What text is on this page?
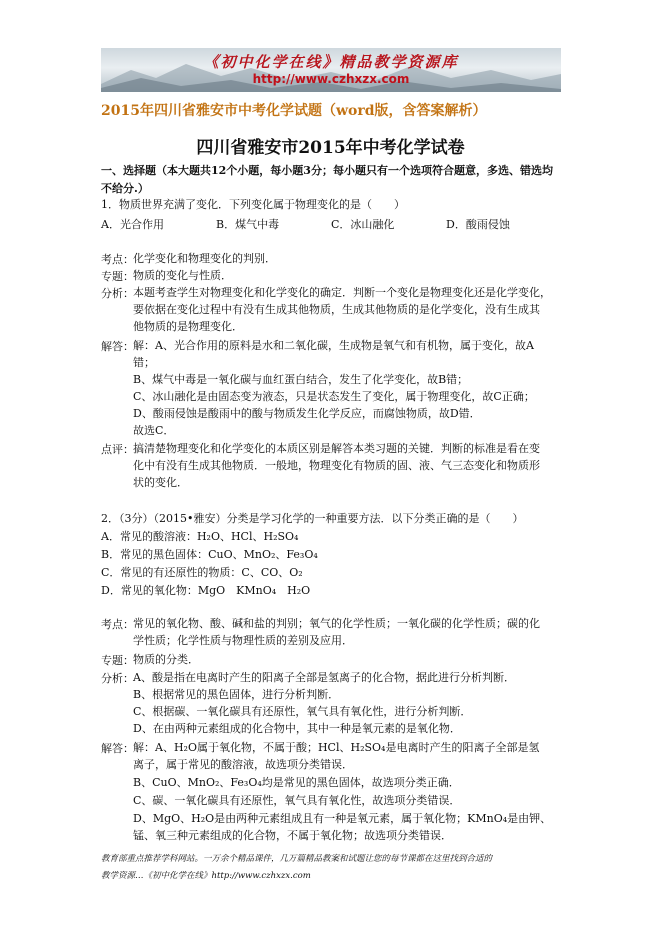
《初中化学在线》精品教学资源库
http://www.czhxzx.com
2015年四川省雅安市中考化学试题（word版，含答案解析）
四川省雅安市2015年中考化学试卷
一、选择题（本大题共12个小题，每小题3分；每小题只有一个选项符合题意，多选、错选均不给分.）
1．物质世界充满了变化．下列变化属于物理变化的是（　　）
A．光合作用	B．煤气中毒	C．冰山融化	D．酸雨侵蚀
考点： 化学变化和物理变化的判别．
专题： 物质的变化与性质．
分析： 本题考查学生对物理变化和化学变化的确定．判断一个变化是物理变化还是化学变化，
要依据在变化过程中有没有生成其他物质，生成其他物质的是化学变化，没有生成其
他物质的是物理变化．
解答： 解：A、光合作用的原料是水和二氧化碳，生成物是氧气和有机物，属于变化，故A
错；
B、煤气中毒是一氧化碳与血红蛋白结合，发生了化学变化，故B错；
C、冰山融化是由固态变为液态，只是状态发生了变化，属于物理变化，故C正确；
D、酸雨侵蚀是酸雨中的酸与物质发生化学反应，而腐蚀物质，故D错．
故选C．
点评： 搞清楚物理变化和化学变化的本质区别是解答本类习题的关键．判断的标准是看在变
化中有没有生成其他物质．一般地，物理变化有物质的固、液、气三态变化和物质形
状的变化．
2．（3分）（2015•雅安）分类是学习化学的一种重要方法．以下分类正确的是（　　）
A．常见的酸溶液：H₂O、HCl、H₂SO₄
B．常见的黑色固体：CuO、MnO₂、Fe₃O₄
C．常见的有还原性的物质：C、CO、O₂
D．常见的氧化物：MgO　KMnO₄　H₂O
考点： 常见的氧化物、酸、碱和盐的判别；氧气的化学性质；一氧化碳的化学性质；碳的化
学性质；化学性质与物理性质的差别及应用．
专题： 物质的分类．
分析： A、酸是指在电离时产生的阳离子全部是氢离子的化合物，据此进行分析判断．
B、根据常见的黑色固体，进行分析判断．
C、根据碳、一氧化碳具有还原性，氧气具有氧化性，进行分析判断．
D、在由两种元素组成的化合物中，其中一种是氧元素的是氧化物．
解答： 解：A、H₂O属于氧化物，不属于酸；HCl、H₂SO₄是电离时产生的阳离子全部是氢
离子，属于常见的酸溶液，故选项分类错误．
B、CuO、MnO₂、Fe₃O₄均是常见的黑色固体，故选项分类正确．
C、碳、一氧化碳具有还原性，氧气具有氧化性，故选项分类错误．
D、MgO、H₂O是由两种元素组成且有一种是氧元素，属于氧化物；KMnO₄是由钾、
锰、氧三种元素组成的化合物，不属于氧化物；故选项分类错误．
教育部重点推荐学科网站。一万余个精品课件，几万篇精品教案和试题让您的每节课都在这里找到合适的
教学资源…《初中化学在线》http://www.czhxzx.com
